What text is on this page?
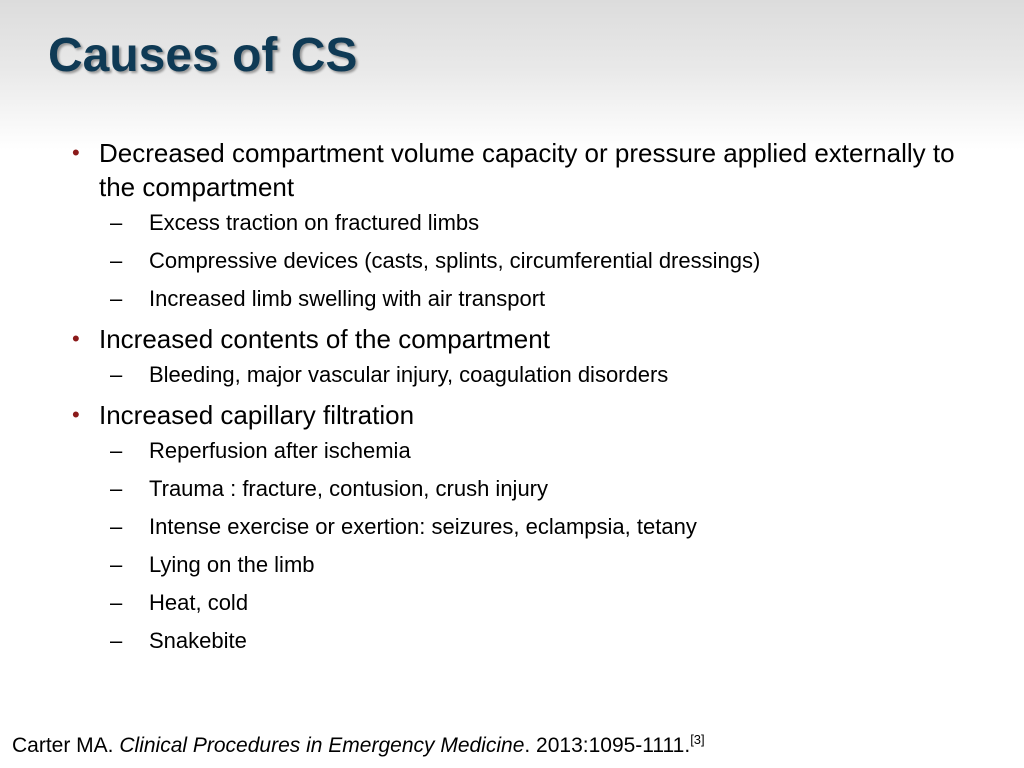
Causes of CS
• Decreased compartment volume capacity or pressure applied externally to the compartment
– Excess traction on fractured limbs
– Compressive devices (casts, splints, circumferential dressings)
– Increased limb swelling with air transport
• Increased contents of the compartment
– Bleeding, major vascular injury, coagulation disorders
• Increased capillary filtration
– Reperfusion after ischemia
– Trauma : fracture, contusion, crush injury
– Intense exercise or exertion: seizures, eclampsia, tetany
– Lying on the limb
– Heat, cold
– Snakebite
Carter MA. Clinical Procedures in Emergency Medicine. 2013:1095-1111.[3]
